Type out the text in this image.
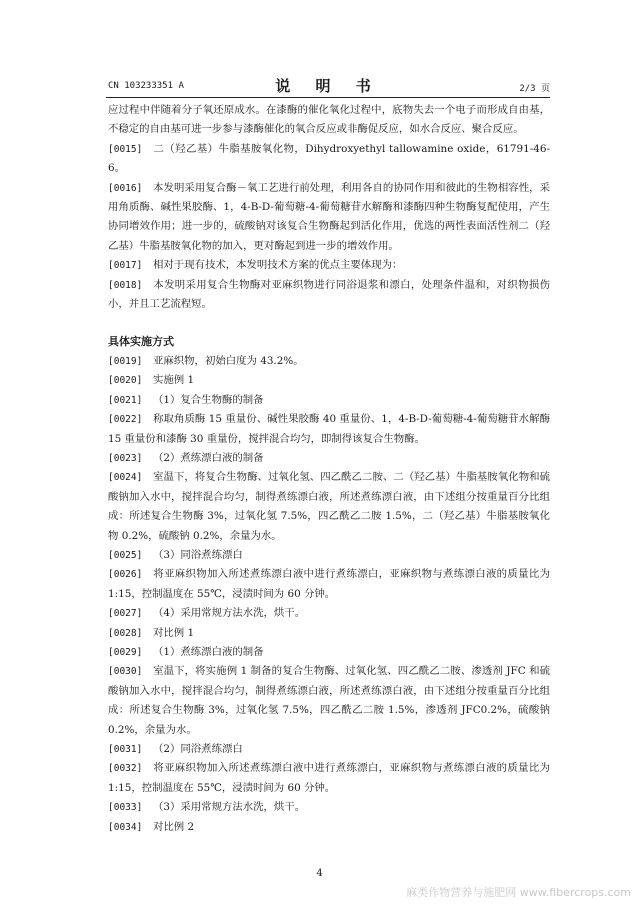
CN 103233351 A	说 明 书	2/3 页

应过程中伴随着分子氧还原成水。在漆酶的催化氧化过程中，底物失去一个电子而形成自由基，不稳定的自由基可进一步参与漆酶催化的氧合反应或非酶促反应，如水合反应、聚合反应。

[0015] 二（羟乙基）牛脂基胺氧化物，Dihydroxyethyl tallowamine oxide，61791-46-6。

[0016] 本发明采用复合酶－氧工艺进行前处理，利用各自的协同作用和彼此的生物相容性，采用角质酶、碱性果胶酶、1，4-Β-D-葡萄糖-4-葡萄糖苷水解酶和漆酶四种生物酶复配使用，产生协同增效作用；进一步的，硫酸钠对该复合生物酶起到活化作用，优选的两性表面活性剂二（羟乙基）牛脂基胺氧化物的加入，更对酶起到进一步的增效作用。

[0017] 相对于现有技术，本发明技术方案的优点主要体现为：

[0018] 本发明采用复合生物酶对亚麻织物进行同浴退浆和漂白，处理条件温和，对织物损伤小，并且工艺流程短。

具体实施方式

[0019] 亚麻织物，初始白度为 43.2%。

[0020] 实施例 1

[0021] （1）复合生物酶的制备

[0022] 称取角质酶 15 重量份、碱性果胶酶 40 重量份、1，4-Β-D-葡萄糖-4-葡萄糖苷水解酶 15 重量份和漆酶 30 重量份，搅拌混合均匀，即制得该复合生物酶。

[0023] （2）煮练漂白液的制备

[0024] 室温下，将复合生物酶、过氧化氢、四乙酰乙二胺、二（羟乙基）牛脂基胺氧化物和硫酸钠加入水中，搅拌混合均匀，制得煮练漂白液，所述煮练漂白液，由下述组分按重量百分比组成：所述复合生物酶 3%，过氧化氢 7.5%，四乙酰乙二胺 1.5%，二（羟乙基）牛脂基胺氧化物 0.2%，硫酸钠 0.2%，余量为水。

[0025] （3）同浴煮练漂白

[0026] 将亚麻织物加入所述煮练漂白液中进行煮练漂白，亚麻织物与煮练漂白液的质量比为 1:15，控制温度在 55℃，浸渍时间为 60 分钟。

[0027] （4）采用常规方法水洗，烘干。

[0028] 对比例 1

[0029] （1）煮练漂白液的制备

[0030] 室温下，将实施例 1 制备的复合生物酶、过氧化氢、四乙酰乙二胺、渗透剂 JFC 和硫酸钠加入水中，搅拌混合均匀，制得煮练漂白液，所述煮练漂白液，由下述组分按重量百分比组成：所述复合生物酶 3%，过氧化氢 7.5%，四乙酰乙二胺 1.5%，渗透剂 JFC0.2%，硫酸钠 0.2%，余量为水。

[0031] （2）同浴煮练漂白

[0032] 将亚麻织物加入所述煮练漂白液中进行煮练漂白，亚麻织物与煮练漂白液的质量比为 1:15，控制温度在 55℃，浸渍时间为 60 分钟。

[0033] （3）采用常规方法水洗，烘干。

[0034] 对比例 2

4
麻类作物营养与施肥网 www.fibercrops.com
